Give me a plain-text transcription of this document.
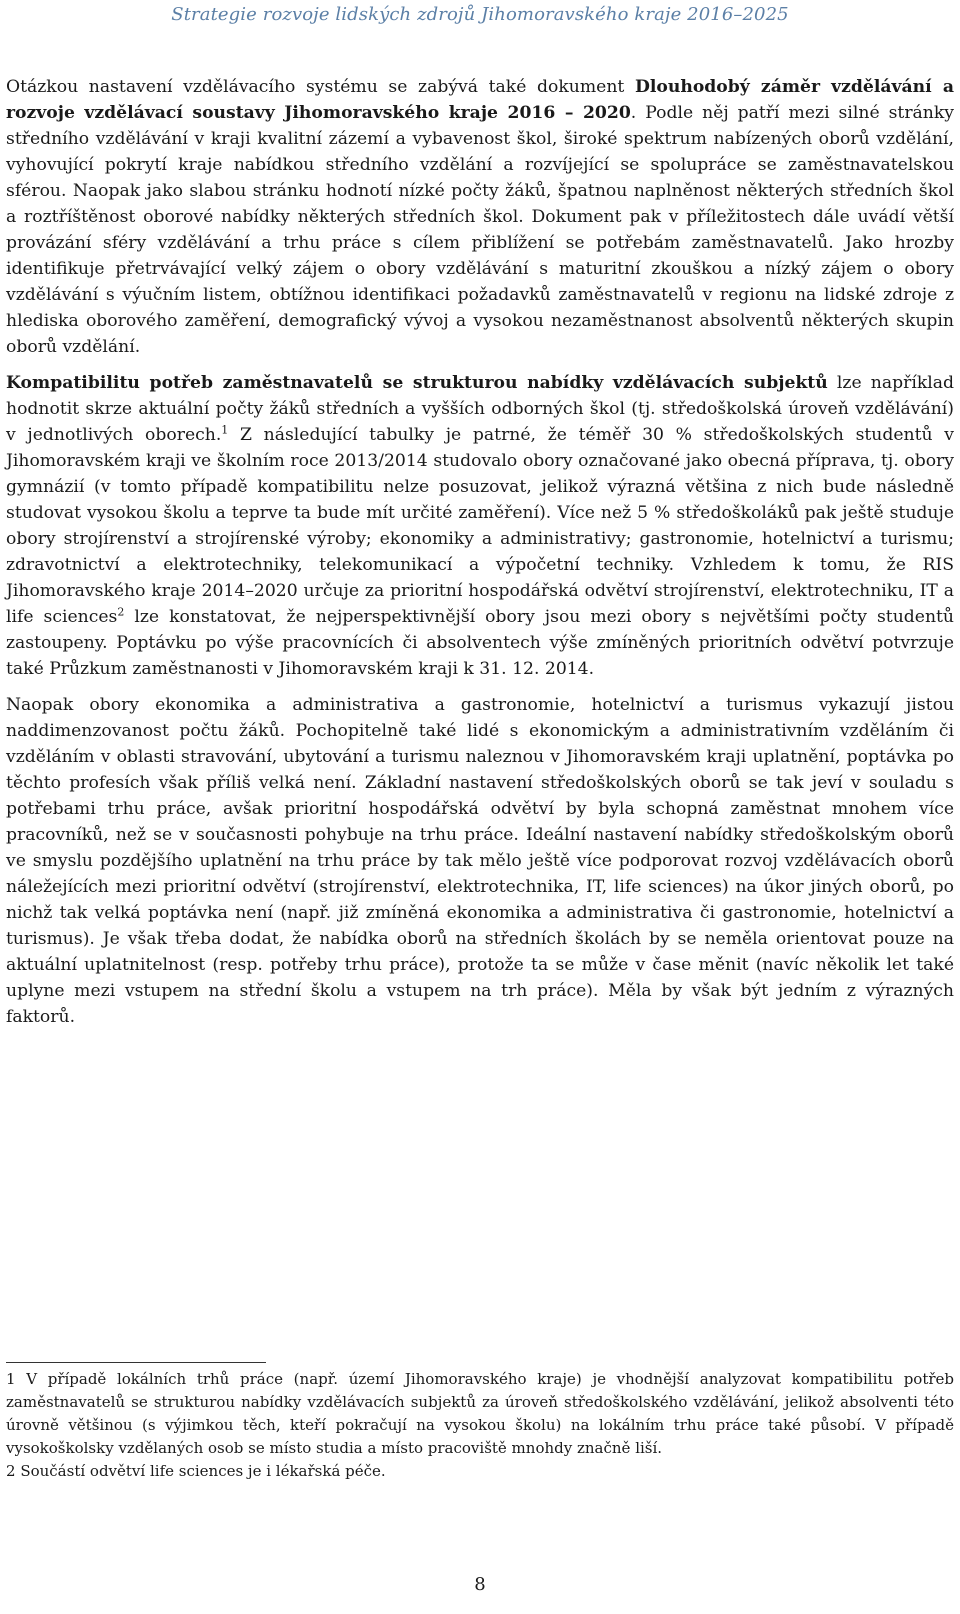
Strategie rozvoje lidských zdrojů Jihomoravského kraje 2016–2025

Otázkou nastavení vzdělávacího systému se zabývá také dokument Dlouhodobý záměr vzdělávání a rozvoje vzdělávací soustavy Jihomoravského kraje 2016 – 2020. Podle něj patří mezi silné stránky středního vzdělávání v kraji kvalitní zázemí a vybavenost škol, široké spektrum nabízených oborů vzdělání, vyhovující pokrytí kraje nabídkou středního vzdělání a rozvíjející se spolupráce se zaměstnavatelskou sférou. Naopak jako slabou stránku hodnotí nízké počty žáků, špatnou naplněnost některých středních škol a roztříštěnost oborové nabídky některých středních škol. Dokument pak v příležitostech dále uvádí větší provázání sféry vzdělávání a trhu práce s cílem přiblížení se potřebám zaměstnavatelů. Jako hrozby identifikuje přetrvávající velký zájem o obory vzdělávání s maturitní zkouškou a nízký zájem o obory vzdělávání s výučním listem, obtížnou identifikaci požadavků zaměstnavatelů v regionu na lidské zdroje z hlediska oborového zaměření, demografický vývoj a vysokou nezaměstnanost absolventů některých skupin oborů vzdělání.

Kompatibilitu potřeb zaměstnavatelů se strukturou nabídky vzdělávacích subjektů lze například hodnotit skrze aktuální počty žáků středních a vyšších odborných škol (tj. středoškolská úroveň vzdělávání) v jednotlivých oborech.$^1$ Z následující tabulky je patrné, že téměř 30 % středoškolských studentů v Jihomoravském kraji ve školním roce 2013/2014 studovalo obory označované jako obecná příprava, tj. obory gymnázií (v tomto případě kompatibilitu nelze posuzovat, jelikož výrazná většina z nich bude následně studovat vysokou školu a teprve ta bude mít určité zaměření). Více než 5 % středoškoláků pak ještě studuje obory strojírenství a strojírenské výroby; ekonomiky a administrativy; gastronomie, hotelnictví a turismu; zdravotnictví a elektrotechniky, telekomunikací a výpočetní techniky. Vzhledem k tomu, že RIS Jihomoravského kraje 2014–2020 určuje za prioritní hospodářská odvětví strojírenství, elektrotechniku, IT a life sciences$^2$ lze konstatovat, že nejperspektivnější obory jsou mezi obory s největšími počty studentů zastoupeny. Poptávku po výše pracovnících či absolventech výše zmíněných prioritních odvětví potvrzuje také Průzkum zaměstnanosti v Jihomoravském kraji k 31. 12. 2014.

Naopak obory ekonomika a administrativa a gastronomie, hotelnictví a turismus vykazují jistou naddimenzovanost počtu žáků. Pochopitelně také lidé s ekonomickým a administrativním vzděláním či vzděláním v oblasti stravování, ubytování a turismu naleznou v Jihomoravském kraji uplatnění, poptávka po těchto profesích však příliš velká není. Základní nastavení středoškolských oborů se tak jeví v souladu s potřebami trhu práce, avšak prioritní hospodářská odvětví by byla schopná zaměstnat mnohem více pracovníků, než se v současnosti pohybuje na trhu práce. Ideální nastavení nabídky středoškolským oborů ve smyslu pozdějšího uplatnění na trhu práce by tak mělo ještě více podporovat rozvoj vzdělávacích oborů náležejících mezi prioritní odvětví (strojírenství, elektrotechnika, IT, life sciences) na úkor jiných oborů, po nichž tak velká poptávka není (např. již zmíněná ekonomika a administrativa či gastronomie, hotelnictví a turismus). Je však třeba dodat, že nabídka oborů na středních školách by se neměla orientovat pouze na aktuální uplatnitelnost (resp. potřeby trhu práce), protože ta se může v čase měnit (navíc několik let také uplyne mezi vstupem na střední školu a vstupem na trh práce). Měla by však být jedním z výrazných faktorů.

1 V případě lokálních trhů práce (např. území Jihomoravského kraje) je vhodnější analyzovat kompatibilitu potřeb zaměstnavatelů se strukturou nabídky vzdělávacích subjektů za úroveň středoškolského vzdělávání, jelikož absolventi této úrovně většinou (s výjimkou těch, kteří pokračují na vysokou školu) na lokálním trhu práce také působí. V případě vysokoškolsky vzdělaných osob se místo studia a místo pracoviště mnohdy značně liší.

2 Součástí odvětví life sciences je i lékařská péče.

8
